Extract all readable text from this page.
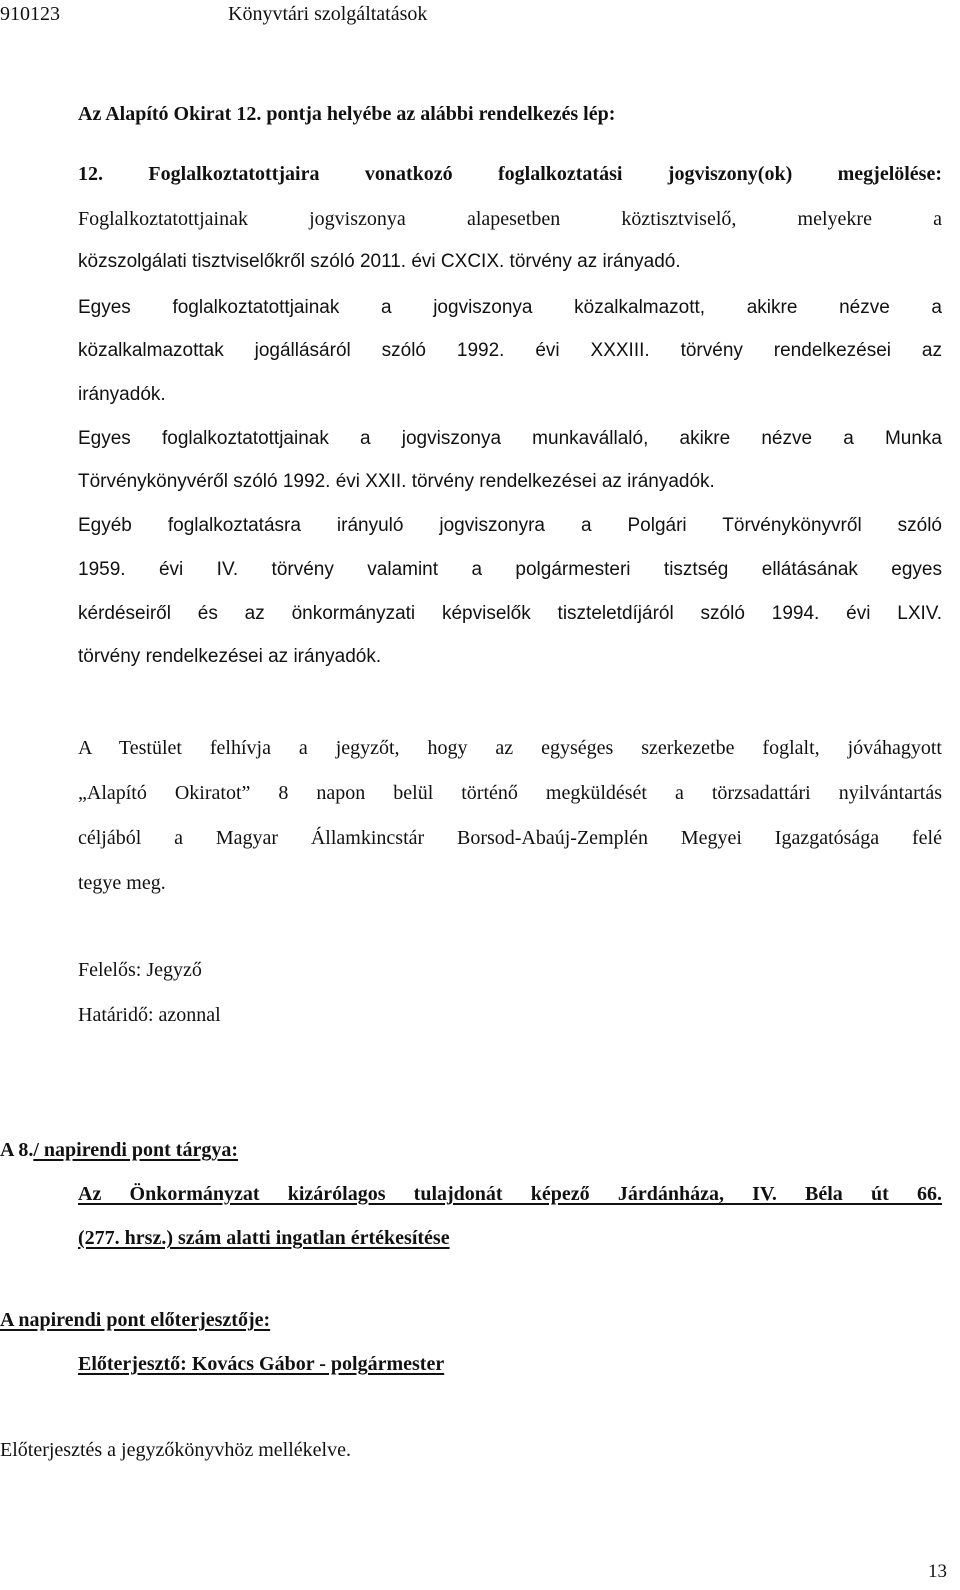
910123	Könyvtári szolgáltatások
Az Alapító Okirat 12. pontja helyébe az alábbi rendelkezés lép:
12. Foglalkoztatottjaira vonatkozó foglalkoztatási jogviszony(ok) megjelölése:
Foglalkoztatottjainak jogviszonya alapesetben köztisztviselő, melyekre a
közszolgálati tisztviselőkről szóló 2011. évi CXCIX. törvény az irányadó.
Egyes foglalkoztatottjainak a jogviszonya közalkalmazott, akikre nézve a
közalkalmazottak jogállásáról szóló 1992. évi XXXIII. törvény rendelkezései az
irányadók.
Egyes foglalkoztatottjainak a jogviszonya munkavállaló, akikre nézve a Munka
Törvénykönyvéről szóló 1992. évi XXII. törvény rendelkezései az irányadók.
Egyéb foglalkoztatásra irányuló jogviszonyra a Polgári Törvénykönyvről szóló
1959. évi IV. törvény valamint a polgármesteri tisztség ellátásának egyes
kérdéseiről és az önkormányzati képviselők tiszteletdíjáról szóló 1994. évi LXIV.
törvény rendelkezései az irányadók.
A Testület felhívja a jegyzőt, hogy az egységes szerkezetbe foglalt, jóváhagyott
„Alapító Okiratot” 8 napon belül történő megküldését a törzsadattári nyilvántartás
céljából a Magyar Államkincstár Borsod-Abaúj-Zemplén Megyei Igazgatósága felé
tegye meg.
Felelős: Jegyző
Határidő: azonnal
A 8./ napirendi pont tárgya:
Az Önkormányzat kizárólagos tulajdonát képező Járdánháza, IV. Béla út 66.
(277. hrsz.) szám alatti ingatlan értékesítése
A napirendi pont előterjesztője:
Előterjesztő: Kovács Gábor - polgármester
Előterjesztés a jegyzőkönyvhöz mellékelve.
13
